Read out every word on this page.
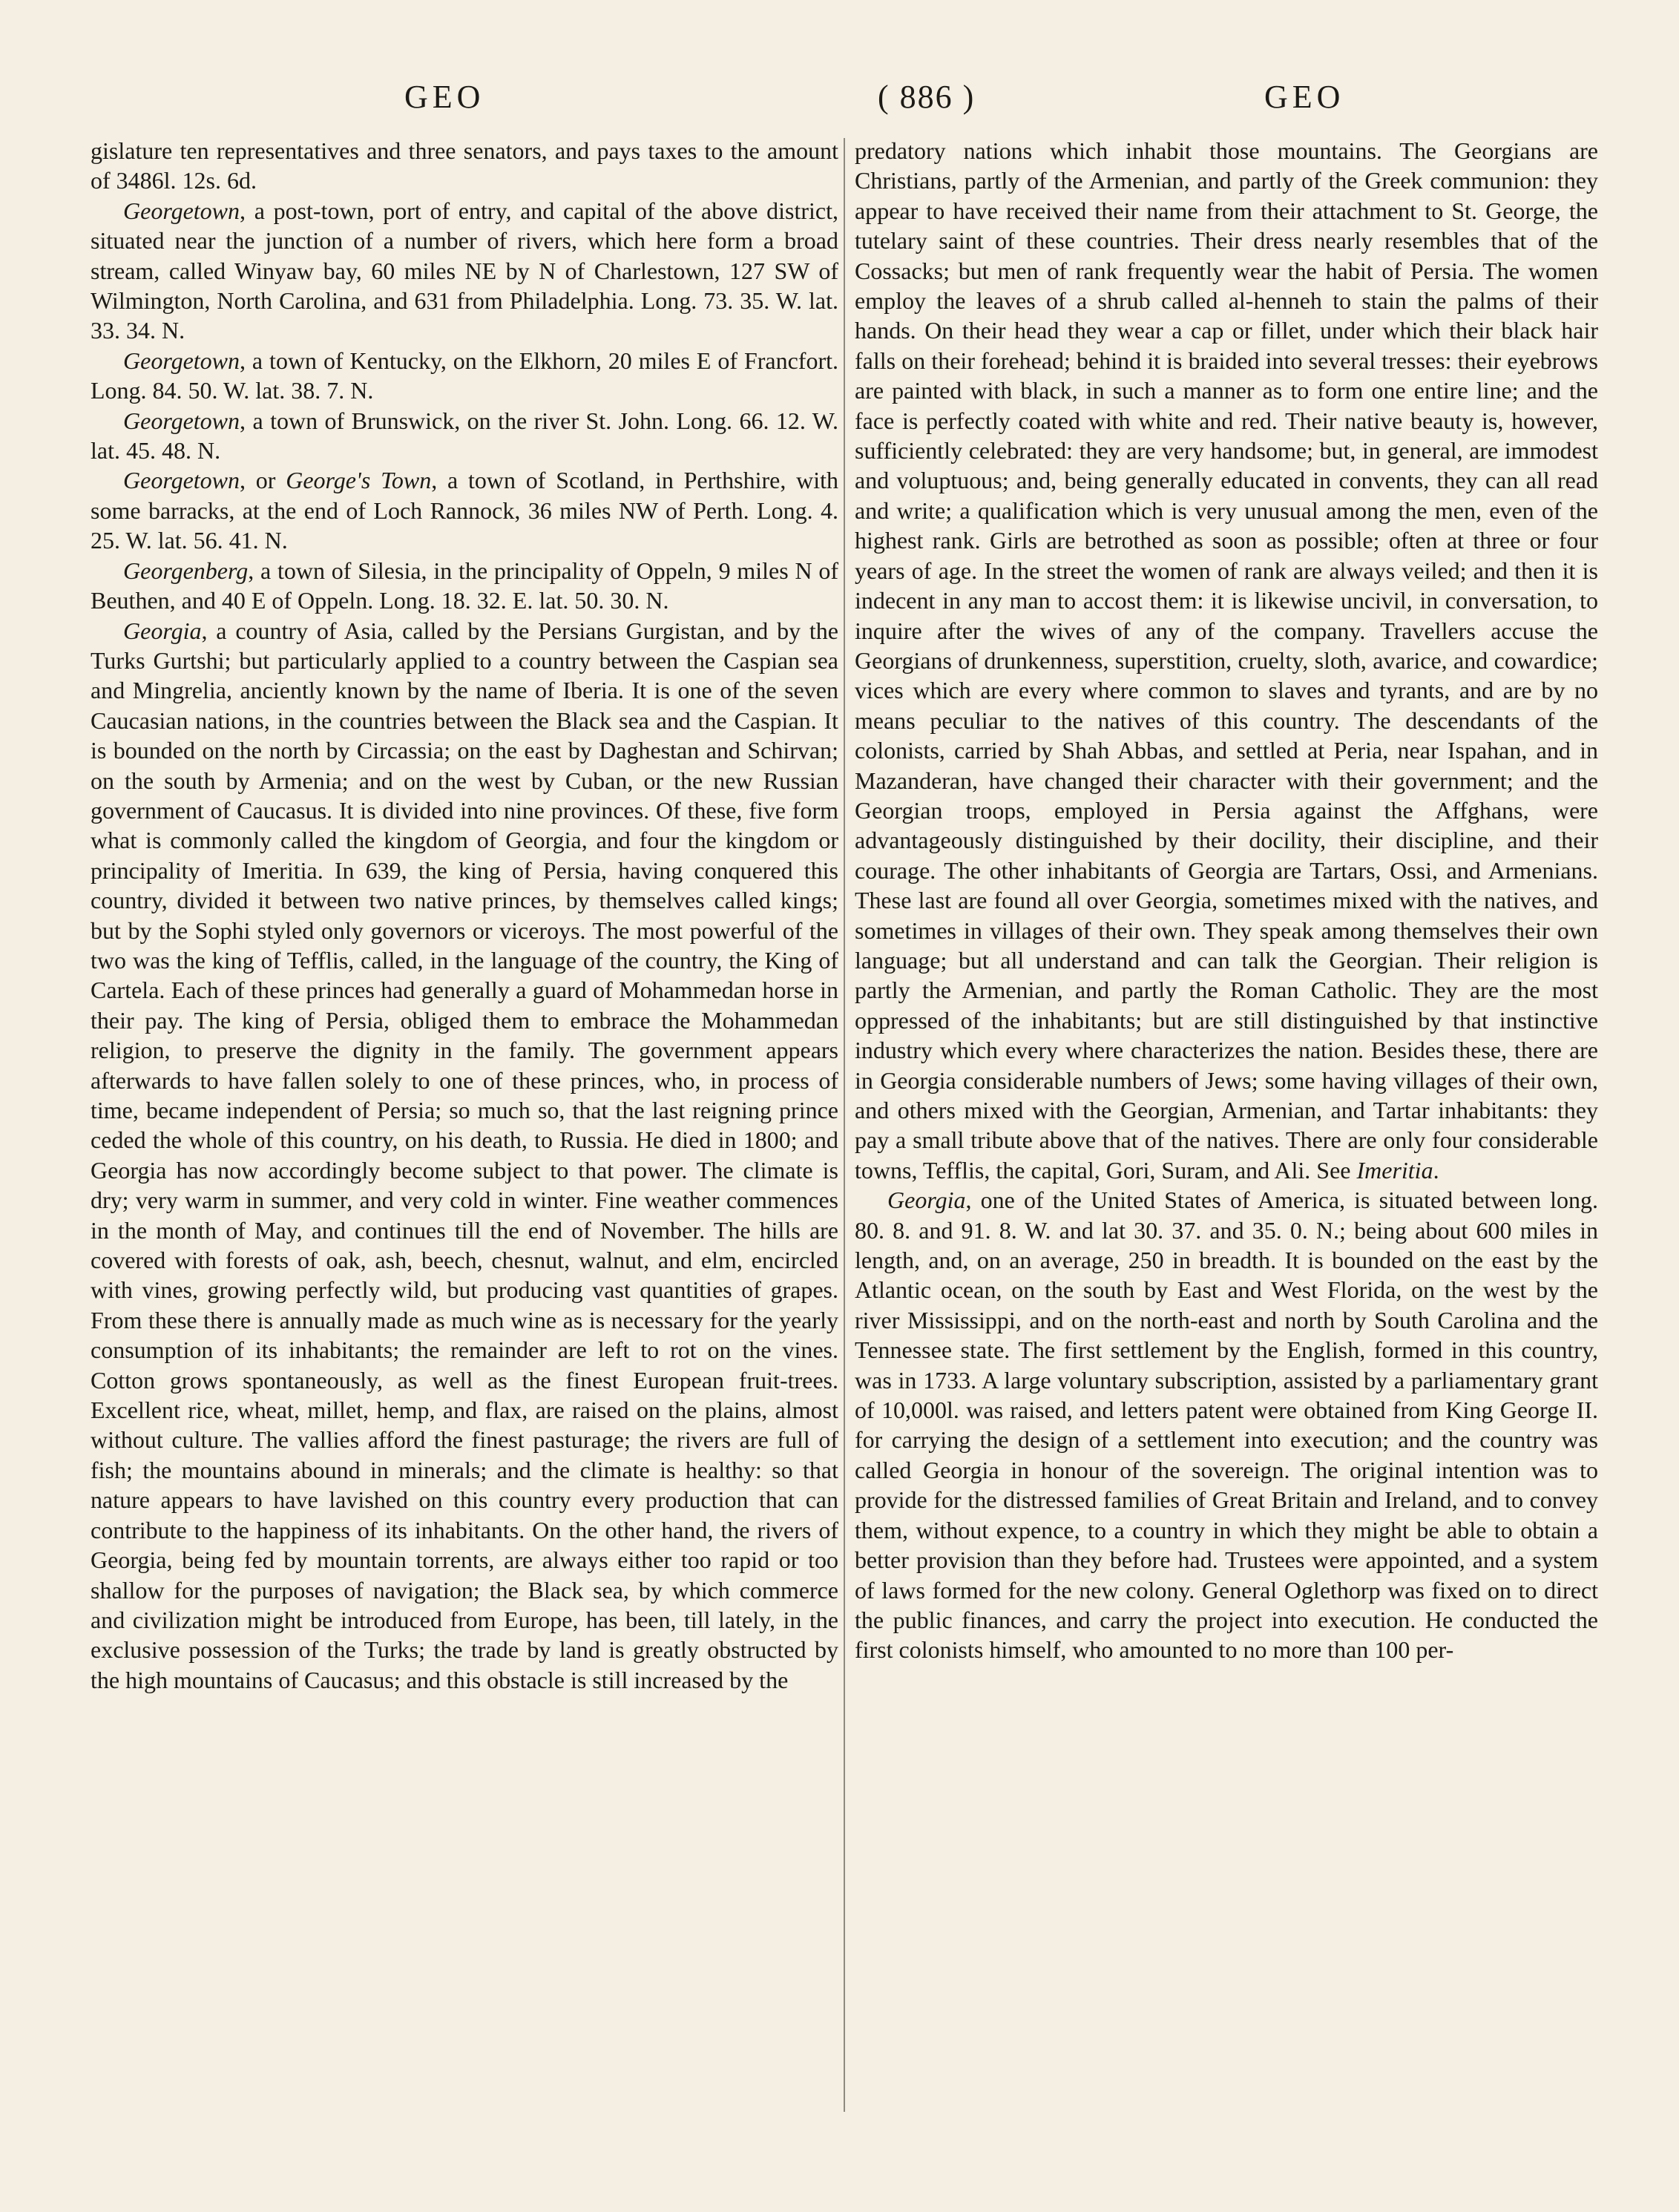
GEO	( 886 )	GEO

gislature ten representatives and three senators, and pays taxes to the amount of 3486l. 12s. 6d.

Georgetown, a post-town, port of entry, and capital of the above district, situated near the junction of a number of rivers, which here form a broad stream, called Winyaw bay, 60 miles NE by N of Charlestown, 127 SW of Wilmington, North Carolina, and 631 from Philadelphia. Long. 73. 35. W. lat. 33. 34. N.

Georgetown, a town of Kentucky, on the Elkhorn, 20 miles E of Francfort. Long. 84. 50. W. lat. 38. 7. N.

Georgetown, a town of Brunswick, on the river St. John. Long. 66. 12. W. lat. 45. 48. N.

Georgetown, or George's Town, a town of Scotland, in Perthshire, with some barracks, at the end of Loch Rannock, 36 miles NW of Perth. Long. 4. 25. W. lat. 56. 41. N.

Georgenberg, a town of Silesia, in the principality of Oppeln, 9 miles N of Beuthen, and 40 E of Oppeln. Long. 18. 32. E. lat. 50. 30. N.

Georgia, a country of Asia, called by the Persians Gurgistan, and by the Turks Gurtshi; but particularly applied to a country between the Caspian sea and Mingrelia, anciently known by the name of Iberia. It is one of the seven Caucasian nations, in the countries between the Black sea and the Caspian. It is bounded on the north by Circassia; on the east by Daghestan and Schirvan; on the south by Armenia; and on the west by Cuban, or the new Russian government of Caucasus. It is divided into nine provinces. Of these, five form what is commonly called the kingdom of Georgia, and four the kingdom or principality of Imeritia. In 639, the king of Persia, having conquered this country, divided it between two native princes, by themselves called kings; but by the Sophi styled only governors or viceroys. The most powerful of the two was the king of Tefflis, called, in the language of the country, the King of Cartela. Each of these princes had generally a guard of Mohammedan horse in their pay. The king of Persia, obliged them to embrace the Mohammedan religion, to preserve the dignity in the family. The government appears afterwards to have fallen solely to one of these princes, who, in process of time, became independent of Persia; so much so, that the last reigning prince ceded the whole of this country, on his death, to Russia. He died in 1800; and Georgia has now accordingly become subject to that power. The climate is dry; very warm in summer, and very cold in winter. Fine weather commences in the month of May, and continues till the end of November. The hills are covered with forests of oak, ash, beech, chesnut, walnut, and elm, encircled with vines, growing perfectly wild, but producing vast quantities of grapes. From these there is annually made as much wine as is necessary for the yearly consumption of its inhabitants; the remainder are left to rot on the vines. Cotton grows spontaneously, as well as the finest European fruit-trees. Excellent rice, wheat, millet, hemp, and flax, are raised on the plains, almost without culture. The vallies afford the finest pasturage; the rivers are full of fish; the mountains abound in minerals; and the climate is healthy: so that nature appears to have lavished on this country every production that can contribute to the happiness of its inhabitants. On the other hand, the rivers of Georgia, being fed by mountain torrents, are always either too rapid or too shallow for the purposes of navigation; the Black sea, by which commerce and civilization might be introduced from Europe, has been, till lately, in the exclusive possession of the Turks; the trade by land is greatly obstructed by the high mountains of Caucasus; and this obstacle is still increased by the

predatory nations which inhabit those mountains. The Georgians are Christians, partly of the Armenian, and partly of the Greek communion: they appear to have received their name from their attachment to St. George, the tutelary saint of these countries. Their dress nearly resembles that of the Cossacks; but men of rank frequently wear the habit of Persia. The women employ the leaves of a shrub called al-henneh to stain the palms of their hands. On their head they wear a cap or fillet, under which their black hair falls on their forehead; behind it is braided into several tresses: their eyebrows are painted with black, in such a manner as to form one entire line; and the face is perfectly coated with white and red. Their native beauty is, however, sufficiently celebrated: they are very handsome; but, in general, are immodest and voluptuous; and, being generally educated in convents, they can all read and write; a qualification which is very unusual among the men, even of the highest rank. Girls are betrothed as soon as possible; often at three or four years of age. In the street the women of rank are always veiled; and then it is indecent in any man to accost them: it is likewise uncivil, in conversation, to inquire after the wives of any of the company. Travellers accuse the Georgians of drunkenness, superstition, cruelty, sloth, avarice, and cowardice; vices which are every where common to slaves and tyrants, and are by no means peculiar to the natives of this country. The descendants of the colonists, carried by Shah Abbas, and settled at Peria, near Ispahan, and in Mazanderan, have changed their character with their government; and the Georgian troops, employed in Persia against the Affghans, were advantageously distinguished by their docility, their discipline, and their courage. The other inhabitants of Georgia are Tartars, Ossi, and Armenians. These last are found all over Georgia, sometimes mixed with the natives, and sometimes in villages of their own. They speak among themselves their own language; but all understand and can talk the Georgian. Their religion is partly the Armenian, and partly the Roman Catholic. They are the most oppressed of the inhabitants; but are still distinguished by that instinctive industry which every where characterizes the nation. Besides these, there are in Georgia considerable numbers of Jews; some having villages of their own, and others mixed with the Georgian, Armenian, and Tartar inhabitants: they pay a small tribute above that of the natives. There are only four considerable towns, Tefflis, the capital, Gori, Suram, and Ali. See Imeritia.

Georgia, one of the United States of America, is situated between long. 80. 8. and 91. 8. W. and lat 30. 37. and 35. 0. N.; being about 600 miles in length, and, on an average, 250 in breadth. It is bounded on the east by the Atlantic ocean, on the south by East and West Florida, on the west by the river Mississippi, and on the north-east and north by South Carolina and the Tennessee state. The first settlement by the English, formed in this country, was in 1733. A large voluntary subscription, assisted by a parliamentary grant of 10,000l. was raised, and letters patent were obtained from King George II. for carrying the design of a settlement into execution; and the country was called Georgia in honour of the sovereign. The original intention was to provide for the distressed families of Great Britain and Ireland, and to convey them, without expence, to a country in which they might be able to obtain a better provision than they before had. Trustees were appointed, and a system of laws formed for the new colony. General Oglethorp was fixed on to direct the public finances, and carry the project into execution. He conducted the first colonists himself, who amounted to no more than 100 per-
